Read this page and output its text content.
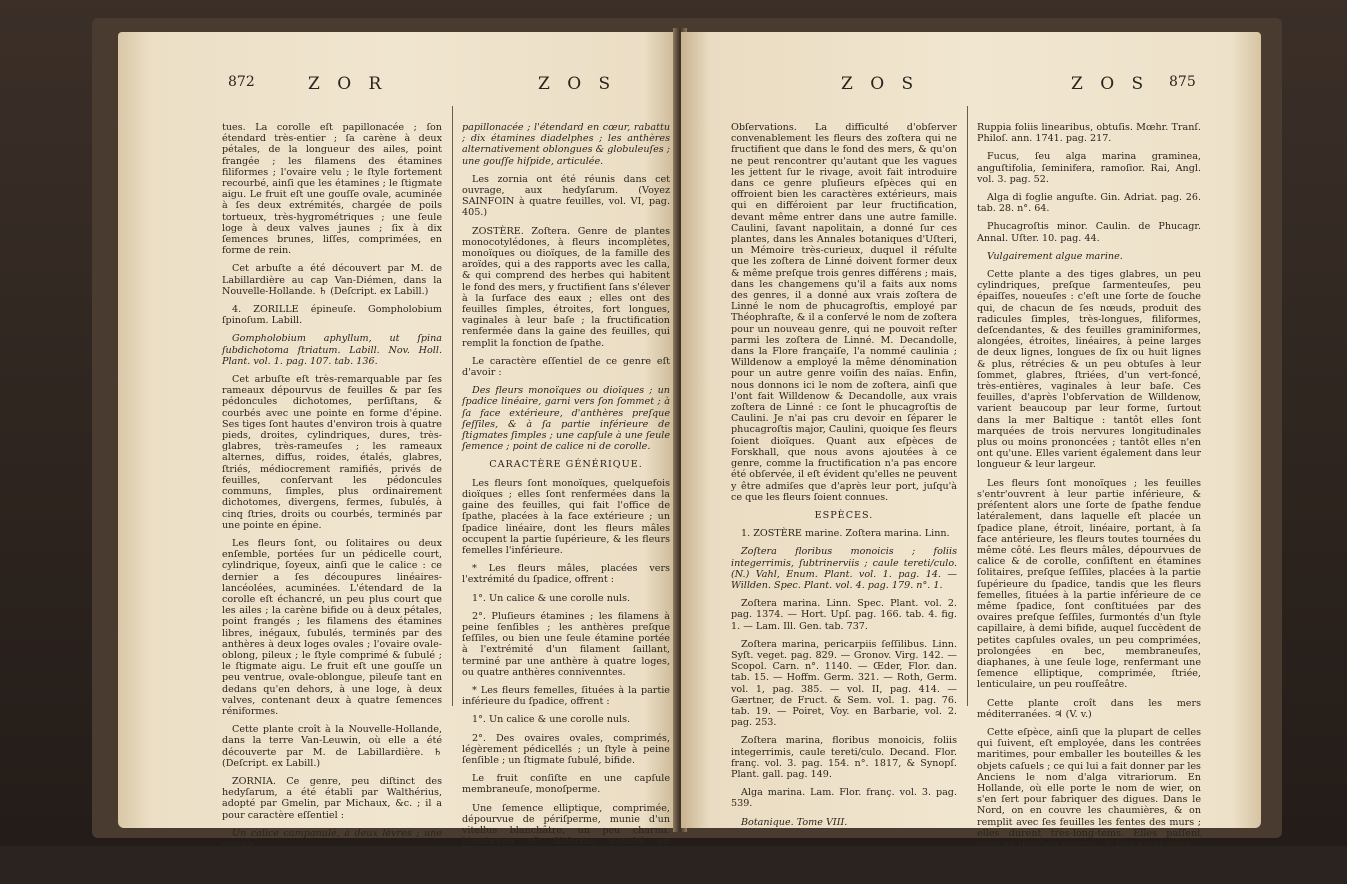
872	Z O R	Z O S

tues. La corolle eſt papillonacée ; ſon étendard très-entier ; ſa carène à deux pétales, de la longueur des ailes, point frangée ; les filamens des étamines filiformes ; l'ovaire velu ; le ſtyle fortement recourbé, ainſi que les étamines ; le ſtigmate aigu. Le fruit eſt une gouſſe ovale, acuminée à ſes deux extrémités, chargée de poils tortueux, très-hygrométriques ; une ſeule loge à deux valves jaunes ; ſix à dix ſemences brunes, liſſes, comprimées, en forme de rein.

Cet arbuſte a été découvert par M. de Labillardière au cap Van-Diémen, dans la Nouvelle-Hollande. ♄ (Deſcript. ex Labill.)

4. ZORILLE épineuſe. Gompholobium ſpinoſum. Labill.

Gompholobium aphyllum, ut ſpina ſubdichotoma ſtriatum. Labill. Nov. Holl. Plant. vol. 1. pag. 107. tab. 136.

Cet arbuſte eſt très-remarquable par ſes rameaux dépourvus de feuilles & par ſes pédoncules dichotomes, perſiſtans, & courbés avec une pointe en forme d'épine. Ses tiges ſont hautes d'environ trois à quatre pieds, droites, cylindriques, dures, très-glabres, très-rameuſes ; les rameaux alternes, diffus, roides, étalés, glabres, ſtriés, médiocrement ramifiés, privés de feuilles, conſervant les pédoncules communs, ſimples, plus ordinairement dichotomes, divergens, fermes, ſubulés, à cinq ſtries, droits ou courbés, terminés par une pointe en épine.

Les fleurs ſont, ou ſolitaires ou deux enſemble, portées ſur un pédicelle court, cylindrique, ſoyeux, ainſi que le calice : ce dernier a ſes découpures linéaires-lancéolées, acuminées. L'étendard de la corolle eſt échancré, un peu plus court que les ailes ; la carène bifide ou à deux pétales, point frangés ; les filamens des étamines libres, inégaux, ſubulés, terminés par des anthères à deux loges ovales ; l'ovaire ovale-oblong, pileux ; le ſtyle comprimé & ſubulé ; le ſtigmate aigu. Le fruit eſt une gouſſe un peu ventrue, ovale-oblongue, pileuſe tant en dedans qu'en dehors, à une loge, à deux valves, contenant deux à quatre ſemences réniformes.

Cette plante croît à la Nouvelle-Hollande, dans la terre Van-Leuwin, où elle a été découverte par M. de Labillardière. ♄ (Deſcript. ex Labill.)

ZORNIA. Ce genre, peu diſtinct des hedyſarum, a été établi par Walthérius, adopté par Gmelin, par Michaux, &c. ; il a pour caractère eſſentiel :

Un calice campanulé, à deux lèvres ; une corolle

papillonacée ; l'étendard en cœur, rabattu ; dix étamines diadelphes ; les anthères alternativement oblongues & globuleuſes ; une gouſſe hiſpide, articulée.

Les zornia ont été réunis dans cet ouvrage, aux hedyſarum. (Voyez SAINFOIN à quatre feuilles, vol. VI, pag. 405.)

ZOSTÈRE. Zoſtera. Genre de plantes monocotylédones, à fleurs incomplètes, monoïques ou dioïques, de la famille des aroïdes, qui a des rapports avec les calla, & qui comprend des herbes qui habitent le fond des mers, y fructifient ſans s'élever à la ſurface des eaux ; elles ont des feuilles ſimples, étroites, fort longues, vaginales à leur baſe ; la fructification renfermée dans la gaine des feuilles, qui remplit la fonction de ſpathe.

Le caractère eſſentiel de ce genre eſt d'avoir :

Des fleurs monoïques ou dioïques ; un ſpadice linéaire, garni vers ſon ſommet ; à ſa face extérieure, d'anthères preſque ſeſſiles, & à ſa partie inférieure de ſtigmates ſimples ; une capſule à une ſeule ſemence ; point de calice ni de corolle.

CARACTÈRE GÉNÉRIQUE.

Les fleurs ſont monoïques, quelquefois dioïques ; elles ſont renfermées dans la gaine des feuilles, qui fait l'office de ſpathe, placées à la face extérieure ; un ſpadice linéaire, dont les fleurs mâles occupent la partie ſupérieure, & les fleurs femelles l'inférieure.

* Les fleurs mâles, placées vers l'extrémité du ſpadice, offrent :

1°. Un calice & une corolle nuls.

2°. Pluſieurs étamines ; les filamens à peine ſenſibles ; les anthères preſque ſeſſiles, ou bien une ſeule étamine portée à l'extrémité d'un filament ſaillant, terminé par une anthère à quatre loges, ou quatre anthères connivenntes.

* Les fleurs femelles, ſituées à la partie inférieure du ſpadice, offrent :

1°. Un calice & une corolle nuls.

2°. Des ovaires ovales, comprimés, légèrement pédicellés ; un ſtyle à peine ſenſible ; un ſtigmate ſubulé, bifide.

Le fruit conſiſte en une capſule membraneuſe, monoſperme.

Une ſemence elliptique, comprimée, dépourvue de périſperme, munie d'un vitellus blanchâtre, un peu charnu. L'embryon eſt filiforme, courbé en crochet.

Obſervations.

Z O S	Z O S 875

Obſervations. La difficulté d'obſerver convenablement les fleurs des zoſtera qui ne fructifient que dans le fond des mers, & qu'on ne peut rencontrer qu'autant que les vagues les jettent ſur le rivage, avoit fait introduire dans ce genre pluſieurs eſpèces qui en offroient bien les caractères extérieurs, mais qui en différoient par leur fructification, devant même entrer dans une autre famille. Caulini, ſavant napolitain, a donné ſur ces plantes, dans les Annales botaniques d'Uſteri, un Mémoire très-curieux, duquel il réſulte que les zoſtera de Linné doivent former deux & même preſque trois genres différens ; mais, dans les changemens qu'il a faits aux noms des genres, il a donné aux vrais zoſtera de Linné le nom de phucagroſtis, employé par Théophraſte, & il a conſervé le nom de zoſtera pour un nouveau genre, qui ne pouvoit reſter parmi les zoſtera de Linné. M. Decandolle, dans la Flore françaiſe, l'a nommé caulinia ; Willdenow a employé la même dénomination pour un autre genre voiſin des naïas. Enfin, nous donnons ici le nom de zoſtera, ainſi que l'ont fait Willdenow & Decandolle, aux vrais zoſtera de Linné : ce ſont le phucagroſtis de Caulini. Je n'ai pas cru devoir en ſéparer le phucagroſtis major, Caulini, quoique ſes fleurs ſoient dioïques. Quant aux eſpèces de Forskhall, que nous avons ajoutées à ce genre, comme la fructification n'a pas encore été obſervée, il eſt évident qu'elles ne peuvent y être admiſes que d'après leur port, juſqu'à ce que les fleurs ſoient connues.

ESPÈCES.

1. ZOSTÈRE marine. Zoſtera marina. Linn.

Zoſtera floribus monoicis ; foliis integerrimis, ſubtrinerviis ; caule tereti/culo. (N.) Vahl, Enum. Plant. vol. 1. pag. 14. — Willden. Spec. Plant. vol. 4. pag. 179. n°. 1.

Zoſtera marina. Linn. Spec. Plant. vol. 2. pag. 1374. — Hort. Upſ. pag. 166. tab. 4. fig. 1. — Lam. Ill. Gen. tab. 737.

Zoſtera marina, pericarpiis ſeſſilibus. Linn. Syſt. veget. pag. 829. — Gronov. Virg. 142. — Scopol. Carn. n°. 1140. — Œder, Flor. dan. tab. 15. — Hoffm. Germ. 321. — Roth, Germ. vol. 1, pag. 385. — vol. II, pag. 414. — Gærtner, de Fruct. & Sem. vol. 1. pag. 76. tab. 19. — Poiret, Voy. en Barbarie, vol. 2. pag. 253.

Zoſtera marina, floribus monoicis, foliis integerrimis, caule tereti/culo. Decand. Flor. franç. vol. 3. pag. 154. n°. 1817, & Synopſ. Plant. gall. pag. 149.

Alga marina. Lam. Flor. franç. vol. 3. pag. 539.

Botanique. Tome VIII.

Ruppia foliis linearibus, obtuſis. Mœhr. Tranſ. Philoſ. ann. 1741. pag. 217.

Fucus, ſeu alga marina graminea, anguſtifolia, ſeminifera, ramoſior. Rai, Angl. vol. 3. pag. 52.

Alga di foglie anguſte. Gin. Adriat. pag. 26. tab. 28. n°. 64.

Phucagroſtis minor. Caulin. de Phucagr. Annal. Uſter. 10. pag. 44.

Vulgairement algue marine.

Cette plante a des tiges glabres, un peu cylindriques, preſque ſarmenteuſes, peu épaiſſes, noueuſes : c'eſt une ſorte de ſouche qui, de chacun de ſes nœuds, produit des radicules ſimples, très-longues, filiformes, deſcendantes, & des feuilles graminiformes, alongées, étroites, linéaires, à peine larges de deux lignes, longues de ſix ou huit lignes & plus, rétrécies & un peu obtuſes à leur ſommet, glabres, ſtriées, d'un vert-foncé, très-entières, vaginales à leur baſe. Ces feuilles, d'après l'obſervation de Willdenow, varient beaucoup par leur forme, ſurtout dans la mer Baltique : tantôt elles ſont marquées de trois nervures longitudinales plus ou moins prononcées ; tantôt elles n'en ont qu'une. Elles varient également dans leur longueur & leur largeur.

Les fleurs ſont monoïques ; les feuilles s'entr'ouvrent à leur partie inférieure, & préſentent alors une ſorte de ſpathe fendue latéralement, dans laquelle eſt placée un ſpadice plane, étroit, linéaire, portant, à ſa face antérieure, les fleurs toutes tournées du même côté. Les fleurs mâles, dépourvues de calice & de corolle, conſiſtent en étamines ſolitaires, preſque ſeſſiles, placées à la partie ſupérieure du ſpadice, tandis que les fleurs femelles, ſituées à la partie inférieure de ce même ſpadice, ſont conſtituées par des ovaires preſque ſeſſiles, ſurmontés d'un ſtyle capillaire, à demi bifide, auquel ſuccèdent de petites capſules ovales, un peu comprimées, prolongées en bec, membraneuſes, diaphanes, à une ſeule loge, renfermant une ſemence elliptique, comprimée, ſtriée, lenticulaire, un peu rouſſeâtre.

Cette plante croît dans les mers méditerranées. ♃ (V. v.)

Cette eſpèce, ainſi que la plupart de celles qui ſuivent, eſt employée, dans les contrées maritimes, pour emballer les bouteilles & les objets caſuels ; ce qui lui a fait donner par les Anciens le nom d'alga vitrariorum. En Hollande, où elle porte le nom de wier, on s'en ſert pour fabriquer des digues. Dans le Nord, on en couvre les chaumières, & on remplit avec ſes feuilles les fentes des murs ; elles durent très-long-tems. Elles paſſent pour un très-bon engrais, & ſont employées

S s s s s
